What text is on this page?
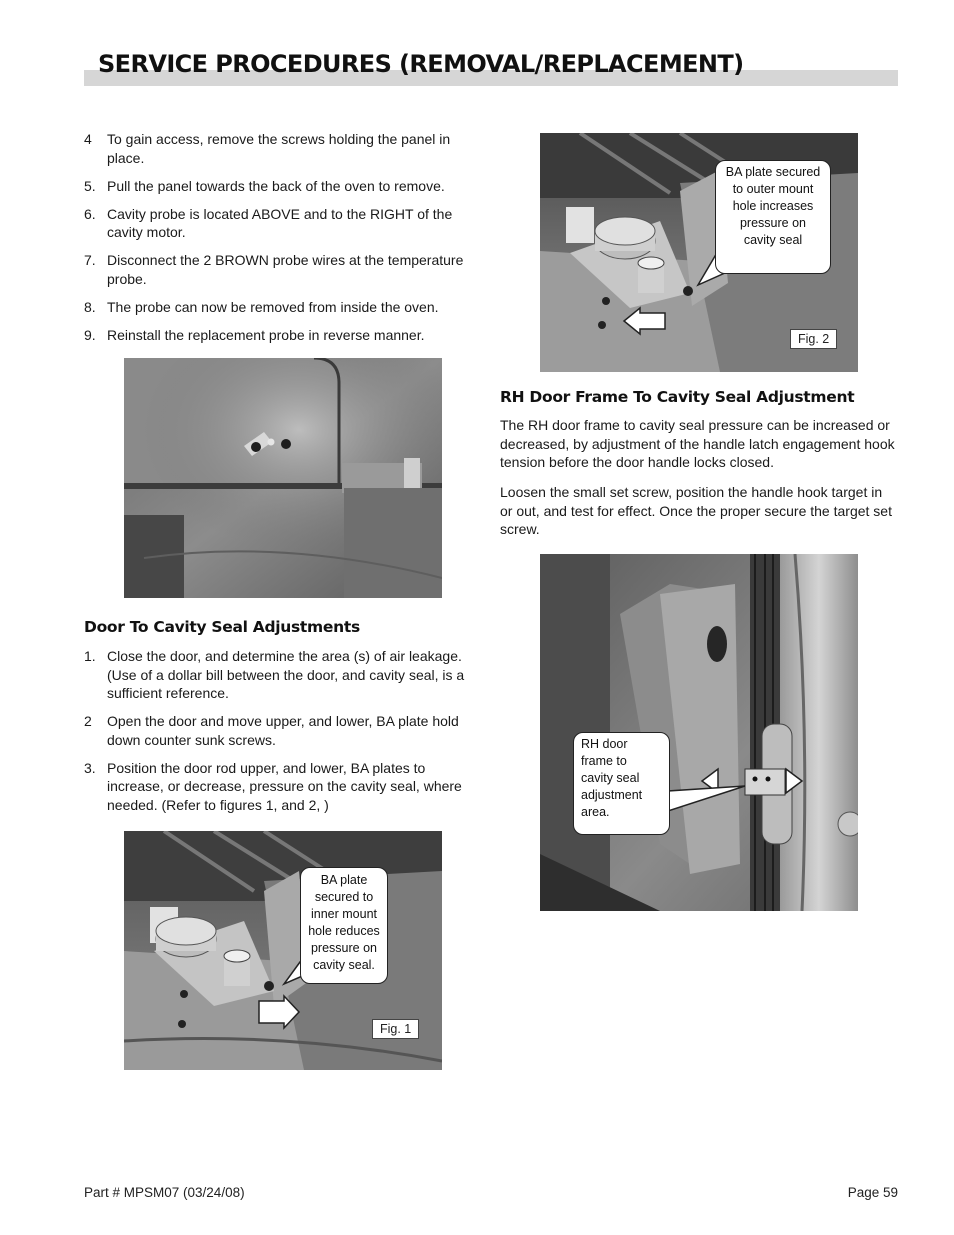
SERVICE PROCEDURES (REMOVAL/REPLACEMENT)
4 To gain access, remove the screws holding the panel in place.
5. Pull the panel towards the back of the oven to remove.
6. Cavity probe is located ABOVE and to the RIGHT of the cavity motor.
7. Disconnect the 2 BROWN probe wires at the temperature probe.
8. The probe can now be removed from inside the oven.
9. Reinstall the replacement probe in reverse manner.
Door To Cavity Seal Adjustments
1. Close the door, and determine the area (s) of air leakage. (Use of a dollar bill between the door, and cavity seal, is a sufficient reference.
2 Open the door and move upper, and lower, BA plate hold down counter sunk screws.
3. Position the door rod upper, and lower, BA plates to increase, or decrease, pressure on the cavity seal, where needed. (Refer to figures 1, and 2, )
BA plate
secured to
inner mount
hole reduces
pressure on
cavity seal.
Fig. 1
BA plate secured
to outer mount
hole increases
pressure on
cavity seal
Fig. 2
RH Door Frame To Cavity Seal Adjustment

The RH door frame to cavity seal pressure can be increased or decreased, by adjustment of the handle latch engagement hook tension before the door handle locks closed.

Loosen the small set screw, position the handle hook target in or out, and test for effect. Once the proper secure the target set screw.

RH door
frame to
cavity seal
adjustment
area.
Part # MPSM07 (03/24/08)	Page 59
